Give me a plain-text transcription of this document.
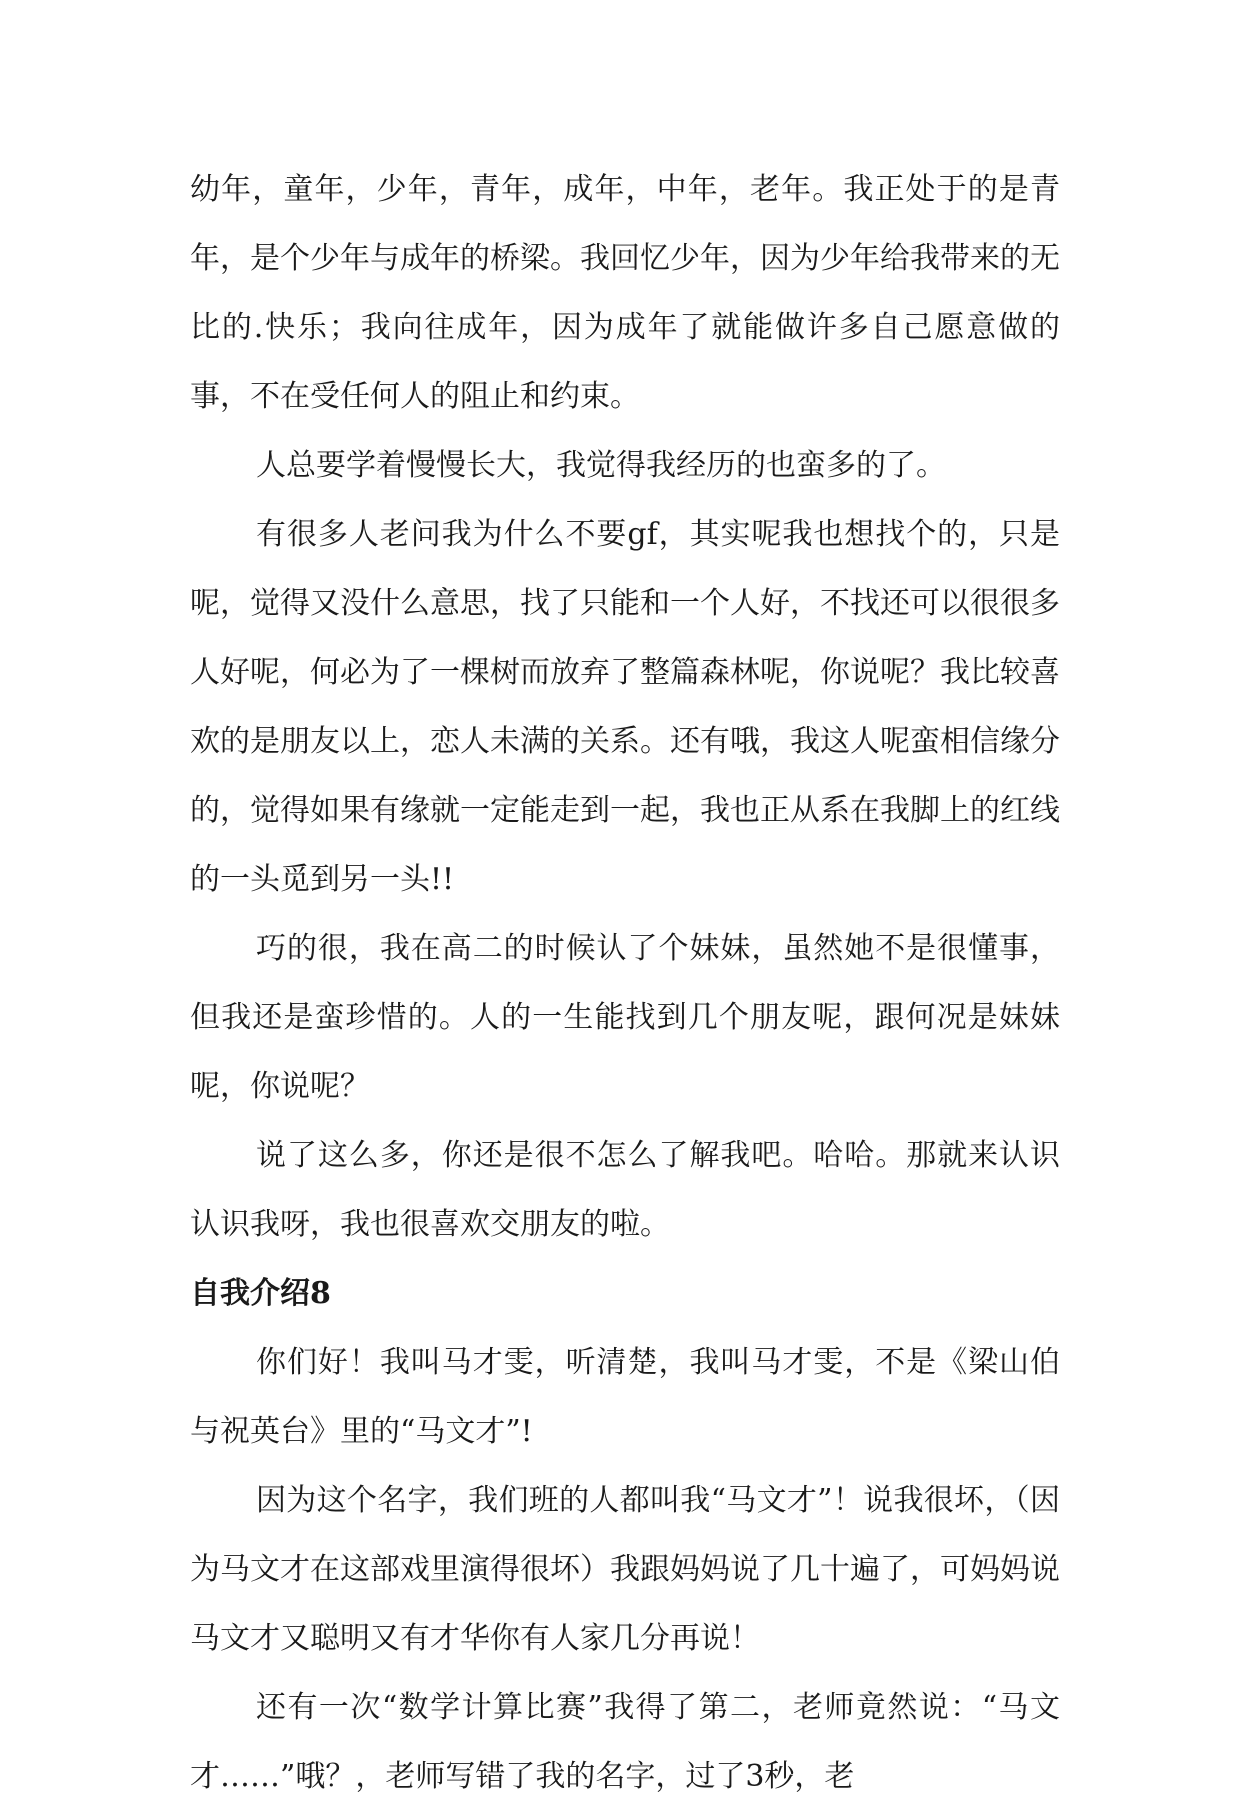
幼年，童年，少年，青年，成年，中年，老年。我正处于的是青年，是个少年与成年的桥梁。我回忆少年，因为少年给我带来的无比的.快乐；我向往成年，因为成年了就能做许多自己愿意做的事，不在受任何人的阻止和约束。

人总要学着慢慢长大，我觉得我经历的也蛮多的了。

有很多人老问我为什么不要gf，其实呢我也想找个的，只是呢，觉得又没什么意思，找了只能和一个人好，不找还可以很很多人好呢，何必为了一棵树而放弃了整篇森林呢，你说呢？我比较喜欢的是朋友以上，恋人未满的关系。还有哦，我这人呢蛮相信缘分的，觉得如果有缘就一定能走到一起，我也正从系在我脚上的红线的一头觅到另一头!!

巧的很，我在高二的时候认了个妹妹，虽然她不是很懂事，但我还是蛮珍惜的。人的一生能找到几个朋友呢，跟何况是妹妹呢，你说呢？

说了这么多，你还是很不怎么了解我吧。哈哈。那就来认识认识我呀，我也很喜欢交朋友的啦。

自我介绍8

你们好！我叫马才雯，听清楚，我叫马才雯，不是《梁山伯与祝英台》里的“马文才”!

因为这个名字，我们班的人都叫我“马文才”！说我很坏，（因为马文才在这部戏里演得很坏）我跟妈妈说了几十遍了，可妈妈说马文才又聪明又有才华你有人家几分再说！

还有一次“数学计算比赛”我得了第二，老师竟然说：“马文才……”哦？，老师写错了我的名字，过了3秒，老
